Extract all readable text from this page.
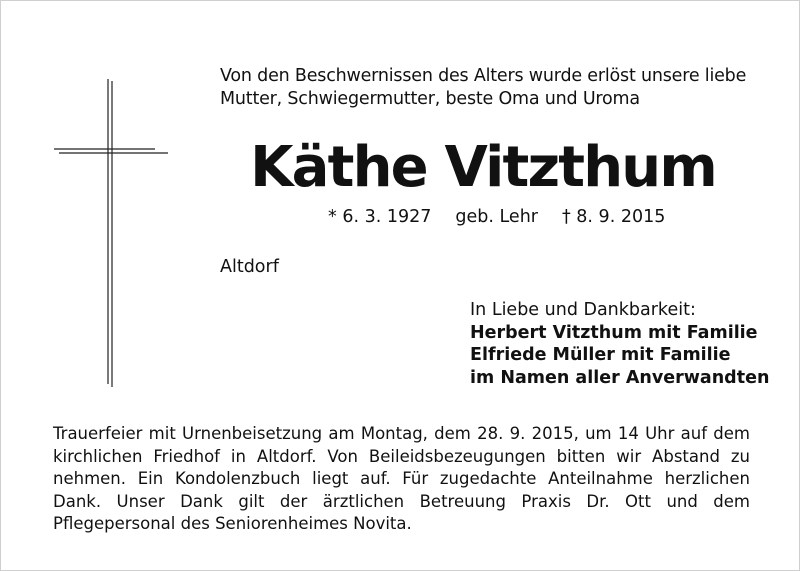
Von den Beschwernissen des Alters wurde erlöst unsere liebe
Mutter, Schwiegermutter, beste Oma und Uroma
Käthe Vitzthum
* 6. 3. 1927 geb. Lehr † 8. 9. 2015
Altdorf
In Liebe und Dankbarkeit:
Herbert Vitzthum mit Familie
Elfriede Müller mit Familie
im Namen aller Anverwandten
Trauerfeier mit Urnenbeisetzung am Montag, dem 28. 9. 2015, um 14 Uhr auf dem kirchlichen Friedhof in Altdorf. Von Beileidsbezeugungen bitten wir Abstand zu nehmen. Ein Kondolenzbuch liegt auf. Für zugedachte Anteilnahme herzlichen Dank. Unser Dank gilt der ärztlichen Betreuung Praxis Dr. Ott und dem Pflegepersonal des Seniorenheimes Novita.
